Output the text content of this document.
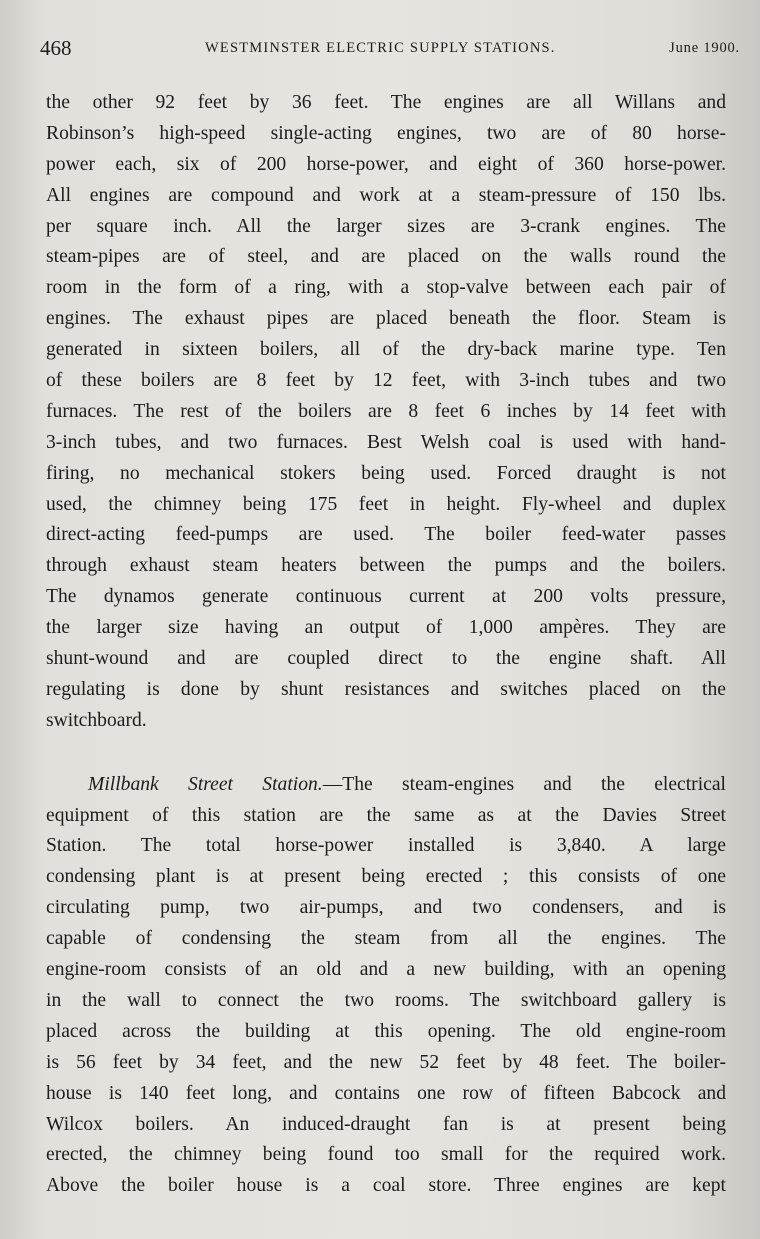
468	WESTMINSTER ELECTRIC SUPPLY STATIONS.	June 1900.
the other 92 feet by 36 feet. The engines are all Willans and
Robinson’s high-speed single-acting engines, two are of 80 horse-
power each, six of 200 horse-power, and eight of 360 horse-power.
All engines are compound and work at a steam-pressure of 150 lbs.
per square inch. All the larger sizes are 3-crank engines. The
steam-pipes are of steel, and are placed on the walls round the
room in the form of a ring, with a stop-valve between each pair of
engines. The exhaust pipes are placed beneath the floor. Steam is
generated in sixteen boilers, all of the dry-back marine type. Ten
of these boilers are 8 feet by 12 feet, with 3-inch tubes and two
furnaces. The rest of the boilers are 8 feet 6 inches by 14 feet with
3-inch tubes, and two furnaces. Best Welsh coal is used with hand-
firing, no mechanical stokers being used. Forced draught is not
used, the chimney being 175 feet in height. Fly-wheel and duplex
direct-acting feed-pumps are used. The boiler feed-water passes
through exhaust steam heaters between the pumps and the boilers.
The dynamos generate continuous current at 200 volts pressure,
the larger size having an output of 1,000 ampères. They are
shunt-wound and are coupled direct to the engine shaft. All
regulating is done by shunt resistances and switches placed on the
switchboard.
Millbank Street Station.—The steam-engines and the electrical
equipment of this station are the same as at the Davies Street
Station. The total horse-power installed is 3,840. A large
condensing plant is at present being erected ; this consists of one
circulating pump, two air-pumps, and two condensers, and is
capable of condensing the steam from all the engines. The
engine-room consists of an old and a new building, with an opening
in the wall to connect the two rooms. The switchboard gallery is
placed across the building at this opening. The old engine-room
is 56 feet by 34 feet, and the new 52 feet by 48 feet. The boiler-
house is 140 feet long, and contains one row of fifteen Babcock and
Wilcox boilers. An induced-draught fan is at present being
erected, the chimney being found too small for the required work.
Above the boiler house is a coal store. Three engines are kept
